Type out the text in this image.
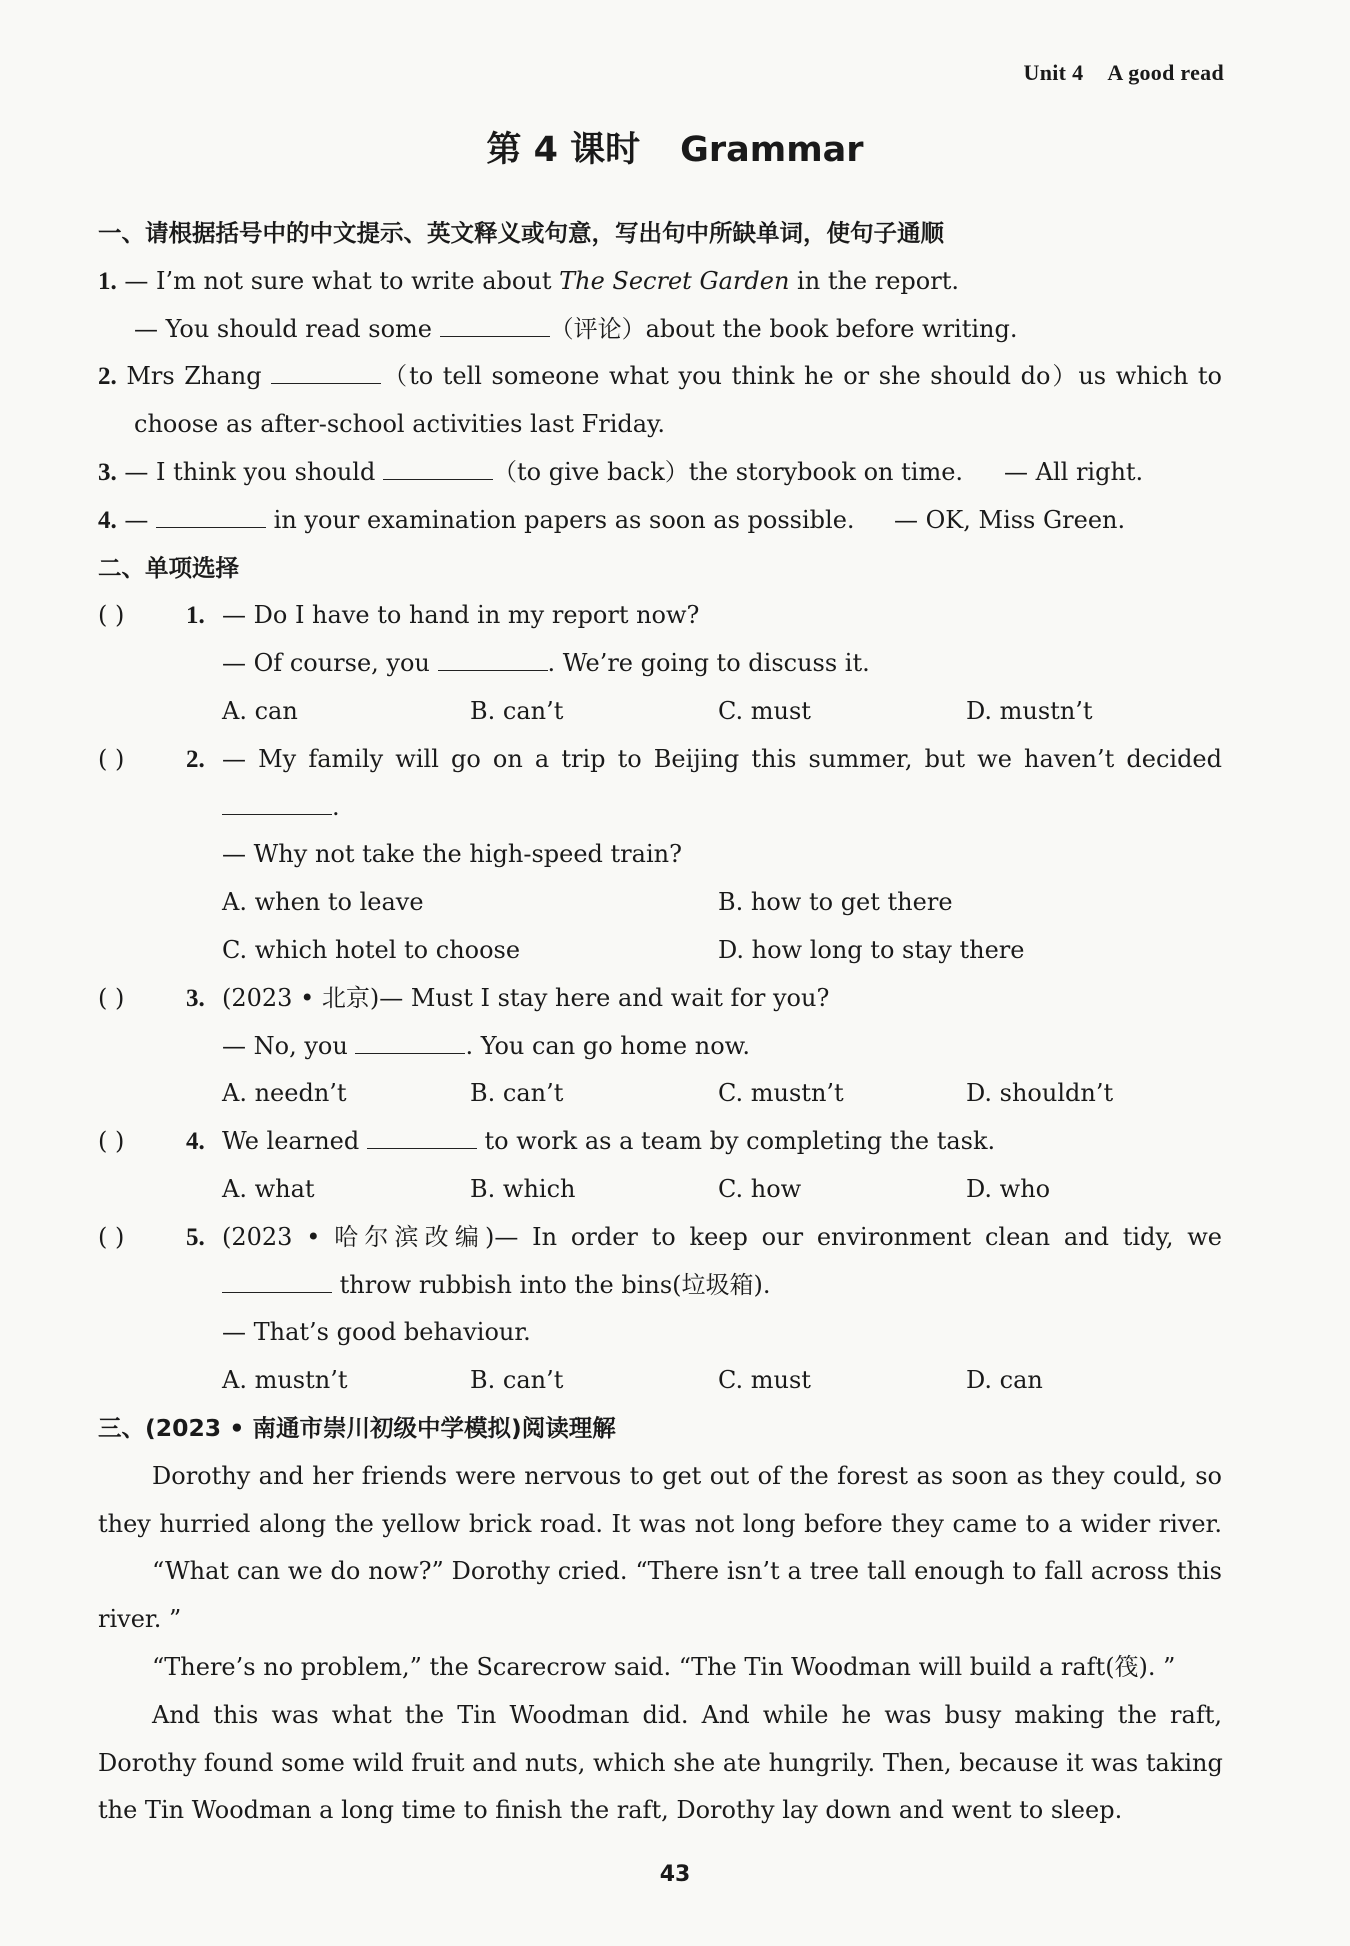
Unit 4 A good read
第 4 课时 Grammar
一、请根据括号中的中文提示、英文释义或句意，写出句中所缺单词，使句子通顺
1. — I’m not sure what to write about The Secret Garden in the report.
— You should read some	（评论）about the book before writing.
2. Mrs Zhang	（to tell someone what you think he or she should do）us which to
choose as after-school activities last Friday.
3. — I think you should	（to give back）the storybook on time. — All right.
4. —	in your examination papers as soon as possible. — OK, Miss Green.
二、单项选择
( ) 1. — Do I have to hand in my report now?
— Of course, you	. We’re going to discuss it.
A. can	B. can’t	C. must	D. mustn’t
( ) 2. — My family will go on a trip to Beijing this summer, but we haven’t decided
.
— Why not take the high-speed train?
A. when to leave	B. how to get there
C. which hotel to choose	D. how long to stay there
( ) 3. (2023 • 北京)— Must I stay here and wait for you?
— No, you	. You can go home now.
A. needn’t	B. can’t	C. mustn’t	D. shouldn’t
( ) 4. We learned	to work as a team by completing the task.
A. what	B. which	C. how	D. who
( ) 5. (2023 • 哈尔滨改编)— In order to keep our environment clean and tidy, we
throw rubbish into the bins(垃圾箱).
— That’s good behaviour.
A. mustn’t	B. can’t	C. must	D. can
三、(2023 • 南通市崇川初级中学模拟)阅读理解
Dorothy and her friends were nervous to get out of the forest as soon as they could, so
they hurried along the yellow brick road. It was not long before they came to a wider river.
“What can we do now?” Dorothy cried. “There isn’t a tree tall enough to fall across this
river. ”
“There’s no problem,” the Scarecrow said. “The Tin Woodman will build a raft(筏). ”
And this was what the Tin Woodman did. And while he was busy making the raft,
Dorothy found some wild fruit and nuts, which she ate hungrily. Then, because it was taking
the Tin Woodman a long time to finish the raft, Dorothy lay down and went to sleep.
43
